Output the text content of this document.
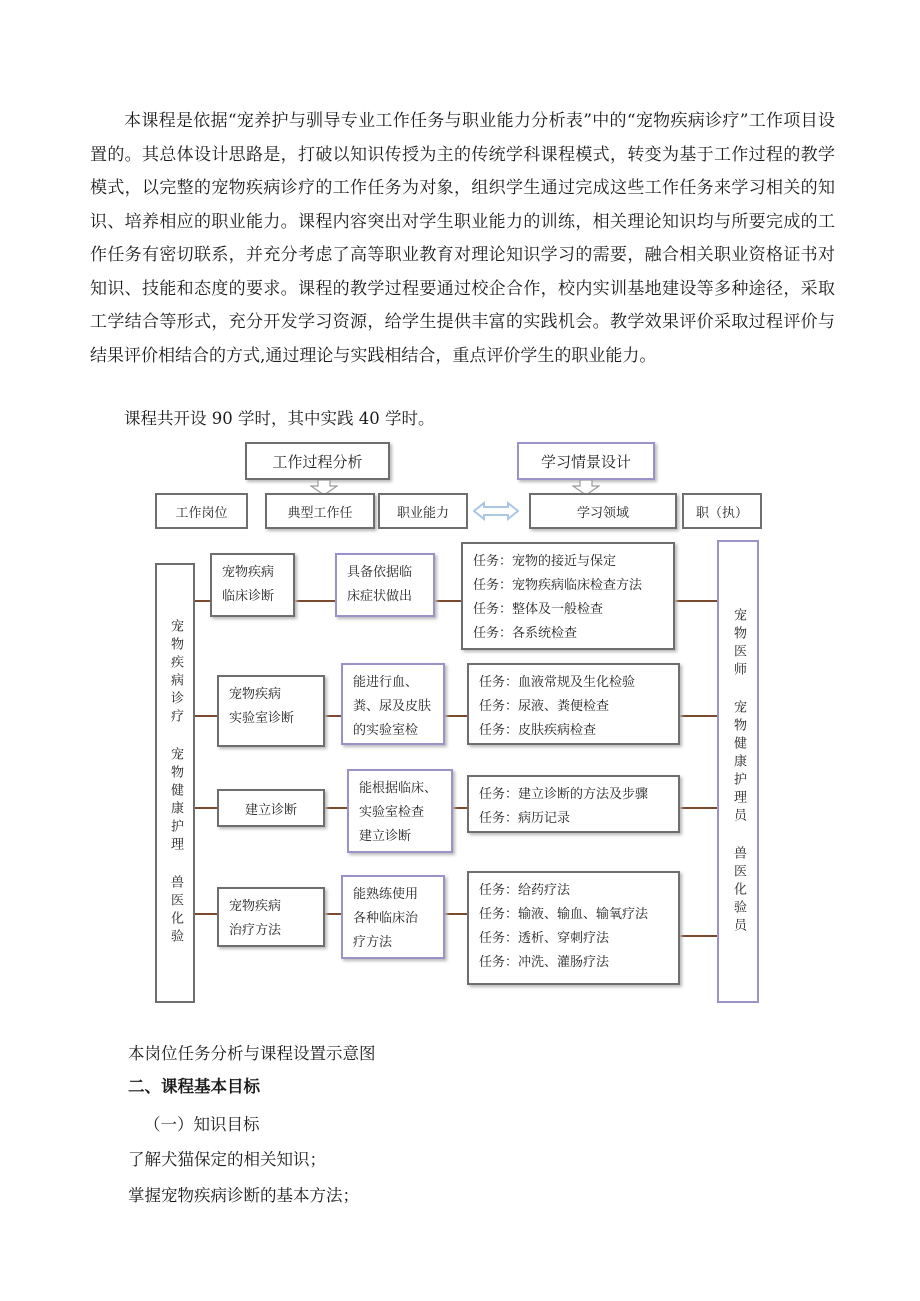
本课程是依据“宠养护与驯导专业工作任务与职业能力分析表”中的“宠物疾病诊疗”工作项目设置的。其总体设计思路是，打破以知识传授为主的传统学科课程模式，转变为基于工作过程的教学模式，以完整的宠物疾病诊疗的工作任务为对象，组织学生通过完成这些工作任务来学习相关的知识、培养相应的职业能力。课程内容突出对学生职业能力的训练，相关理论知识均与所要完成的工作任务有密切联系，并充分考虑了高等职业教育对理论知识学习的需要，融合相关职业资格证书对知识、技能和态度的要求。课程的教学过程要通过校企合作，校内实训基地建设等多种途径，采取工学结合等形式，充分开发学习资源，给学生提供丰富的实践机会。教学效果评价采取过程评价与结果评价相结合的方式,通过理论与实践相结合，重点评价学生的职业能力。

课程共开设 90 学时，其中实践 40 学时。

工作过程分析	学习情景设计
工作岗位	典型工作任	职业能力	学习领域	职（执）
宠物疾病诊疗 宠物健康护理 兽医化验	宠物医师 宠物健康护理员 兽医化验员
宠物疾病
临床诊断
具备依据临
床症状做出
任务：宠物的接近与保定
任务：宠物疾病临床检查方法
任务：整体及一般检查
任务：各系统检查
宠物疾病
实验室诊断
能进行血、
粪、尿及皮肤
的实验室检
任务：血液常规及生化检验
任务：尿液、粪便检查
任务：皮肤疾病检查
建立诊断
能根据临床、
实验室检查
建立诊断
任务：建立诊断的方法及步骤
任务：病历记录
宠物疾病
治疗方法
能熟练使用
各种临床治
疗方法
任务：给药疗法
任务：输液、输血、输氧疗法
任务：透析、穿刺疗法
任务：冲洗、灌肠疗法

本岗位任务分析与课程设置示意图

二、课程基本目标

（一）知识目标

了解犬猫保定的相关知识；

掌握宠物疾病诊断的基本方法；
